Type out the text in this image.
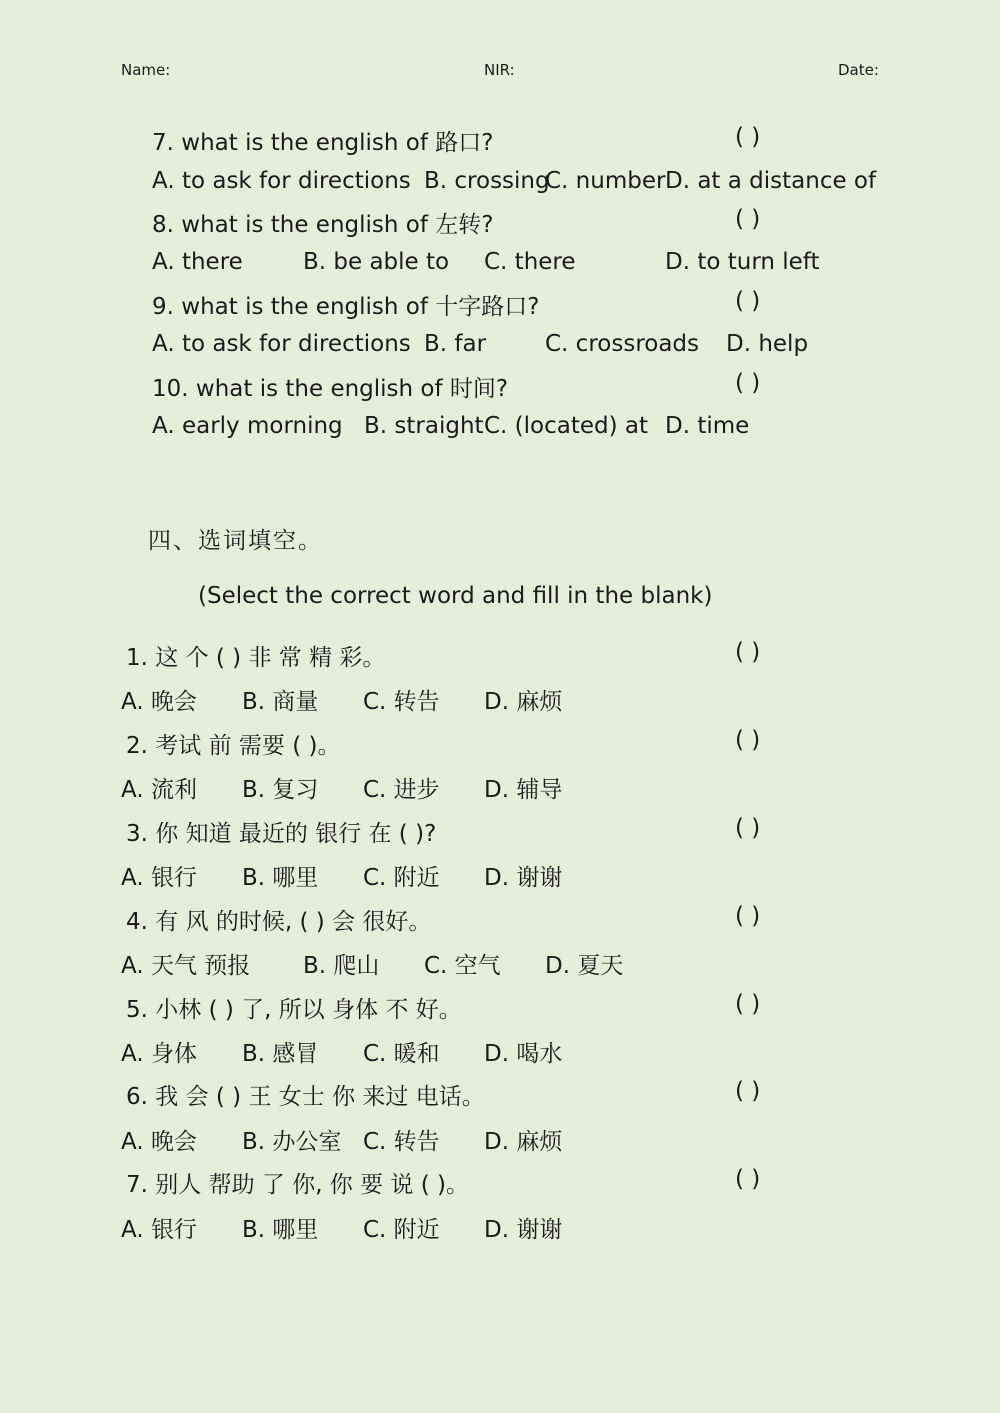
Name:	NIR:	Date:
7. what is the english of 路口?	( )
A. to ask for directions B. crossing
C. number D. at a distance of
8. what is the english of 左转?	( )
A. there	B. be able to C. there	D. to turn left
9. what is the english of 十字路口?	( )
A. to ask for directions B. far	C. crossroads D. help
10. what is the english of 时间?	( )
A. early morning B. straight C. (located) at D. time
四、选词填空。
(Select the correct word and fill in the blank)
1. 这 个 ( ) 非 常 精 彩。	( )
A. 晚会 B. 商量 C. 转告 D. 麻烦
2. 考试 前 需要 ( )。	( )
A. 流利 B. 复习 C. 进步 D. 辅导
3. 你 知道 最近的 银行 在 ( )?	( )
A. 银行 B. 哪里 C. 附近 D. 谢谢
4. 有 风 的时候, ( ) 会 很好。	( )
A. 天气 预报 B. 爬山 C. 空气 D. 夏天
5. 小林 ( ) 了, 所以 身体 不 好。	( )
A. 身体 B. 感冒 C. 暖和 D. 喝水
6. 我 会 ( ) 王 女士 你 来过 电话。	( )
A. 晚会 B. 办公室 C. 转告 D. 麻烦
7. 别人 帮助 了 你, 你 要 说 ( )。	( )
A. 银行 B. 哪里 C. 附近 D. 谢谢
